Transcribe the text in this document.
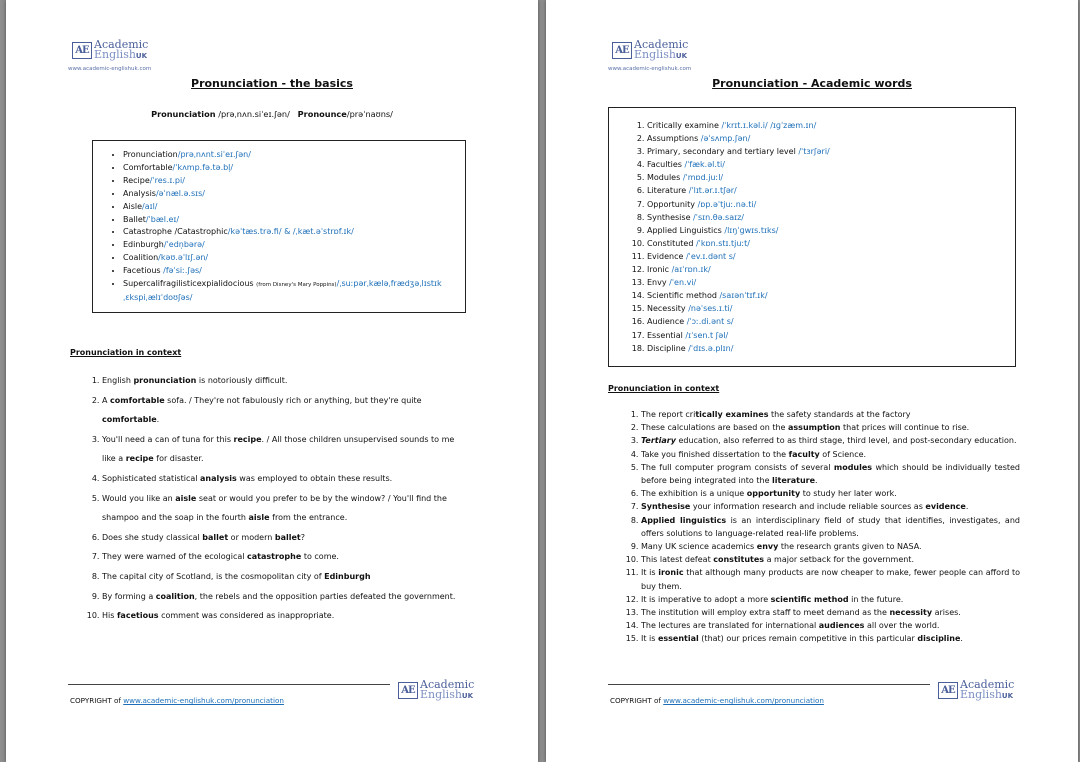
AE Academic
EnglishUK
www.academic-englishuk.com
Pronunciation - the basics
Pronunciation /prəˌnʌn.siˈeɪ.ʃən/ Pronounce/prəˈnaʊns/
• Pronunciation/prəˌnʌnt.siˈeɪ.ʃən/
• Comfortable/ˈkʌmp.fə.tə.bl̩/
• Recipe/ˈres.ɪ.pi/
• Analysis/əˈnæl.ə.sɪs/
• Aisle/aɪl/
• Ballet/ˈbæl.eɪ/
• Catastrophe /Catastrophic/kəˈtæs.trə.fi/ & /ˌkæt.əˈstrɒf.ɪk/
• Edinburgh/ˈedn̩bərə/
• Coalition/kəʊ.əˈlɪʃ.ən/
• Facetious /fəˈsiː.ʃəs/
• Supercalifragilisticexpialidocious (from Disney's Mary Poppins)/ˌsuːpərˌkæləˌfrædʒəˌlɪstɪkˌɛkspiˌælɪˈdoʊʃəs/
Pronunciation in context
1. English pronunciation is notoriously difficult.
2. A comfortable sofa. / They're not fabulously rich or anything, but they're quite comfortable.
3. You'll need a can of tuna for this recipe. / All those children unsupervised sounds to me like a recipe for disaster.
4. Sophisticated statistical analysis was employed to obtain these results.
5. Would you like an aisle seat or would you prefer to be by the window? / You'll find the shampoo and the soap in the fourth aisle from the entrance.
6. Does she study classical ballet or modern ballet?
7. They were warned of the ecological catastrophe to come.
8. The capital city of Scotland, is the cosmopolitan city of Edinburgh
9. By forming a coalition, the rebels and the opposition parties defeated the government.
10. His facetious comment was considered as inappropriate.
COPYRIGHT of www.academic-englishuk.com/pronunciation
AE Academic
EnglishUK
AE Academic
EnglishUK
www.academic-englishuk.com
Pronunciation - Academic words
1. Critically examine /ˈkrɪt.ɪ.kəl.i/ /ɪɡˈzæm.ɪn/
2. Assumptions /əˈsʌmp.ʃən/
3. Primary, secondary and tertiary level /ˈtɜrʃəri/
4. Faculties /ˈfæk.əl.ti/
5. Modules /ˈmɒd.juːl/
6. Literature /ˈlɪt.ər.ɪ.tʃər/
7. Opportunity /ɒp.əˈtjuː.nə.ti/
8. Synthesise /ˈsɪn.θə.saɪz/
9. Applied Linguistics /lɪŋˈɡwɪs.tɪks/
10. Constituted /ˈkɒn.stɪ.tjuːt/
11. Evidence /ˈev.ɪ.dənt s/
12. Ironic /aɪˈrɒn.ɪk/
13. Envy /ˈen.vi/
14. Scientific method /saɪənˈtɪf.ɪk/
15. Necessity /nəˈses.ɪ.ti/
16. Audience /ˈɔː.di.ənt s/
17. Essential /ɪˈsen.t ʃəl/
18. Discipline /ˈdɪs.ə.plɪn/
Pronunciation in context
1. The report critically examines the safety standards at the factory
2. These calculations are based on the assumption that prices will continue to rise.
3. Tertiary education, also referred to as third stage, third level, and post-secondary education.
4. Take you finished dissertation to the faculty of Science.
5. The full computer program consists of several modules which should be individually tested before being integrated into the literature.
6. The exhibition is a unique opportunity to study her later work.
7. Synthesise your information research and include reliable sources as evidence.
8. Applied linguistics is an interdisciplinary field of study that identifies, investigates, and offers solutions to language-related real-life problems.
9. Many UK science academics envy the research grants given to NASA.
10. This latest defeat constitutes a major setback for the government.
11. It is ironic that although many products are now cheaper to make, fewer people can afford to buy them.
12. It is imperative to adopt a more scientific method in the future.
13. The institution will employ extra staff to meet demand as the necessity arises.
14. The lectures are translated for international audiences all over the world.
15. It is essential (that) our prices remain competitive in this particular discipline.
COPYRIGHT of www.academic-englishuk.com/pronunciation
AE Academic
EnglishUK
